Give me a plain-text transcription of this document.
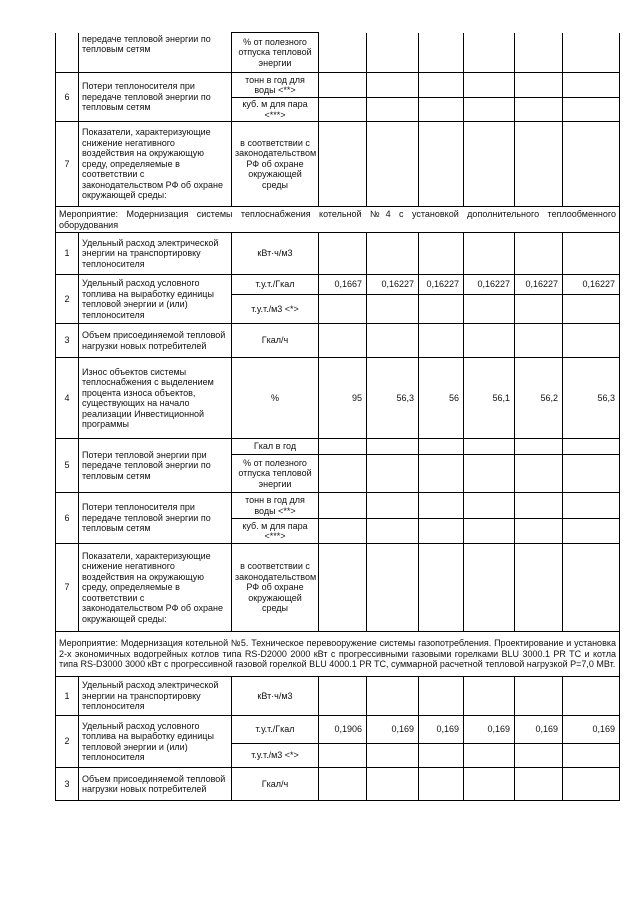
	передаче тепловой энергии по тепловым сетям	% от полезного отпуска тепловой энергии						
6	Потери теплоносителя при передаче тепловой энергии по тепловым сетям	тонн в год для воды <**>						
		куб. м для пара <***>						
7	Показатели, характеризующие снижение негативного воздействия на окружающую среду, определяемые в соответствии с законодательством РФ об охране окружающей среды:	в соответствии с законодательством РФ об охране окружающей среды						
Мероприятие: Модернизация системы теплоснабжения котельной №4 с установкой дополнительного теплообменного оборудования								
1	Удельный расход электрической энергии на транспортировку теплоносителя	кВт·ч/м3						
2	Удельный расход условного топлива на выработку единицы тепловой энергии и (или) теплоносителя	т.у.т./Гкал	0,1667	0,16227	0,16227	0,16227	0,16227	0,16227
		т.у.т./м3 <*>						
3	Объем присоединяемой тепловой нагрузки новых потребителей	Гкал/ч						
4	Износ объектов системы теплоснабжения с выделением процента износа объектов, существующих на начало реализации Инвестиционной программы	%	95	56,3	56	56,1	56,2	56,3
5	Потери тепловой энергии при передаче тепловой энергии по тепловым сетям	Гкал в год						
		% от полезного отпуска тепловой энергии						
6	Потери теплоносителя при передаче тепловой энергии по тепловым сетям	тонн в год для воды <**>						
		куб. м для пара <***>						
7	Показатели, характеризующие снижение негативного воздействия на окружающую среду, определяемые в соответствии с законодательством РФ об охране окружающей среды:	в соответствии с законодательством РФ об охране окружающей среды						
Мероприятие: Модернизация котельной №5. Техническое перевооружение системы газопотребления. Проектирование и установка 2-х экономичных водогрейных котлов типа RS-D2000 2000 кВт с прогрессивными газовыми горелками BLU 3000.1 PR TC и котла типа RS-D3000 3000 кВт с прогрессивной газовой горелкой BLU 4000.1 PR TC, суммарной расчетной тепловой нагрузкой Р=7,0 МВт.								
1	Удельный расход электрической энергии на транспортировку теплоносителя	кВт·ч/м3						
2	Удельный расход условного топлива на выработку единицы тепловой энергии и (или) теплоносителя	т.у.т./Гкал	0,1906	0,169	0,169	0,169	0,169	0,169
		т.у.т./м3 <*>						
3	Объем присоединяемой тепловой нагрузки новых потребителей	Гкал/ч						
